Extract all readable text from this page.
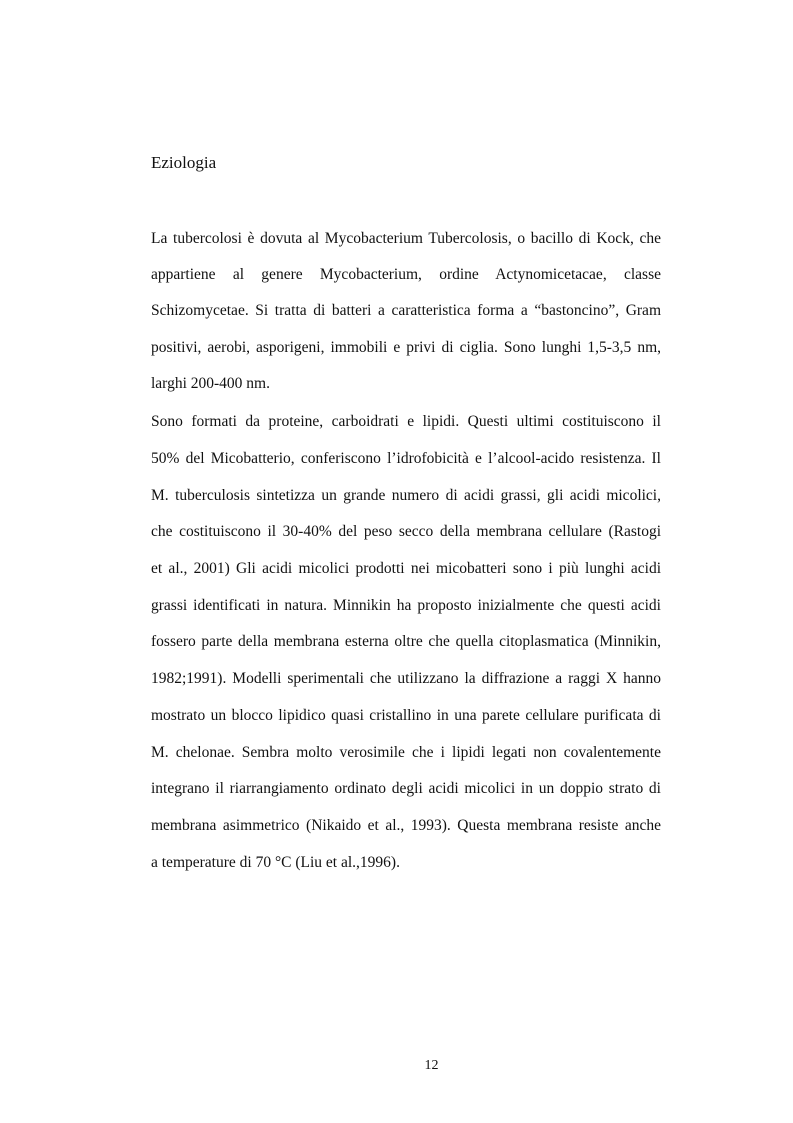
Eziologia
La tubercolosi è dovuta al Mycobacterium Tubercolosis, o bacillo di Kock, che
appartiene al genere Mycobacterium, ordine Actynomicetacae, classe
Schizomycetae. Si tratta di batteri a caratteristica forma a “bastoncino”, Gram
positivi, aerobi, asporigeni, immobili e privi di ciglia. Sono lunghi 1,5-3,5 nm,
larghi 200-400 nm.
Sono formati da proteine, carboidrati e lipidi. Questi ultimi costituiscono il
50% del Micobatterio, conferiscono l’idrofobicità e l’alcool-acido resistenza. Il
M. tuberculosis sintetizza un grande numero di acidi grassi, gli acidi micolici,
che costituiscono il 30-40% del peso secco della membrana cellulare (Rastogi
et al., 2001) Gli acidi micolici prodotti nei micobatteri sono i più lunghi acidi
grassi identificati in natura. Minnikin ha proposto inizialmente che questi acidi
fossero parte della membrana esterna oltre che quella citoplasmatica (Minnikin,
1982;1991). Modelli sperimentali che utilizzano la diffrazione a raggi X hanno
mostrato un blocco lipidico quasi cristallino in una parete cellulare purificata di
M. chelonae. Sembra molto verosimile che i lipidi legati non covalentemente
integrano il riarrangiamento ordinato degli acidi micolici in un doppio strato di
membrana asimmetrico (Nikaido et al., 1993). Questa membrana resiste anche
a temperature di 70 °C (Liu et al.,1996).
12
